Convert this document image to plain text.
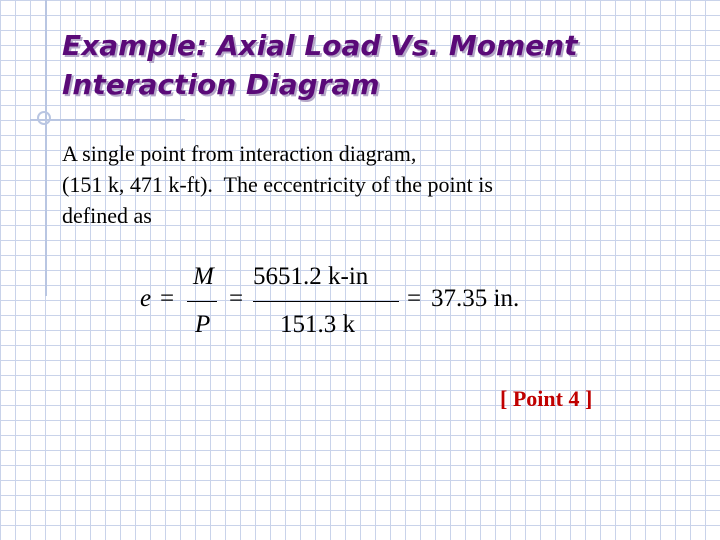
Example: Axial Load Vs. Moment
Interaction Diagram
A single point from interaction diagram,
(151 k, 471 k-ft).  The eccentricity of the point is
defined as
e =
M
P
=
5651.2 k-in
151.3 k
= 37.35 in.
[ Point 4 ]
